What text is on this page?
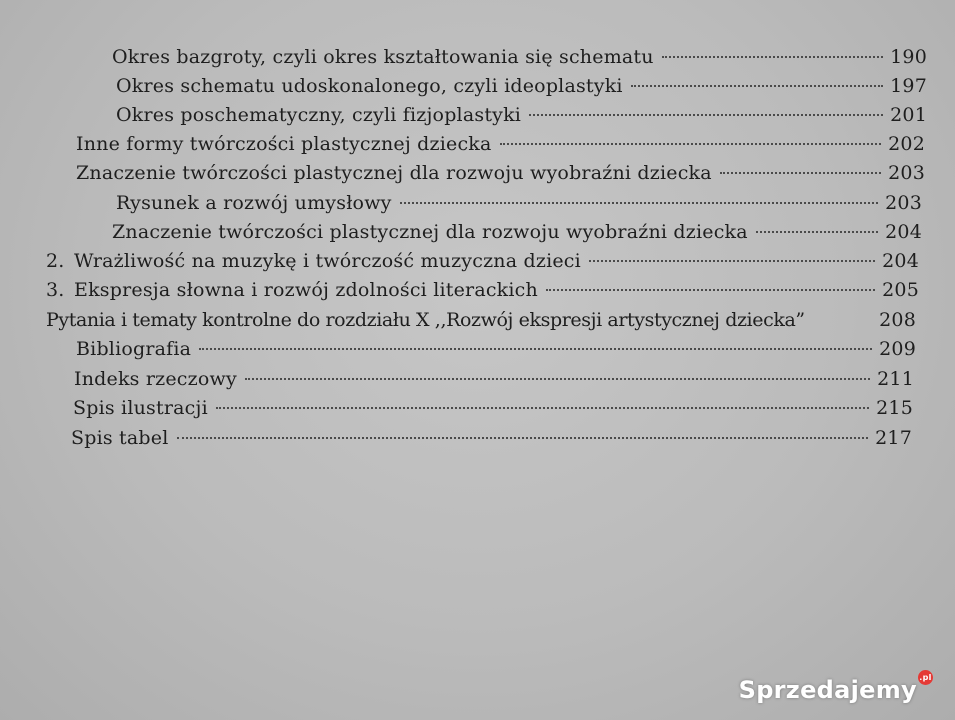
Okres bazgroty, czyli okres kształtowania się schematu	190
Okres schematu udoskonalonego, czyli ideoplastyki	197
Okres poschematyczny, czyli fizjoplastyki	201
Inne formy twórczości plastycznej dziecka	202
Znaczenie twórczości plastycznej dla rozwoju wyobraźni dziecka	203
Rysunek a rozwój umysłowy	203
Znaczenie twórczości plastycznej dla rozwoju wyobraźni dziecka	204
2. Wrażliwość na muzykę i twórczość muzyczna dzieci	204
3. Ekspresja słowna i rozwój zdolności literackich	205
Pytania i tematy kontrolne do rozdziału X ,,Rozwój ekspresji artystycznej dziecka”	208
Bibliografia	209
Indeks rzeczowy	211
Spis ilustracji	215
Spis tabel	217
Sprzedajemy .pl
